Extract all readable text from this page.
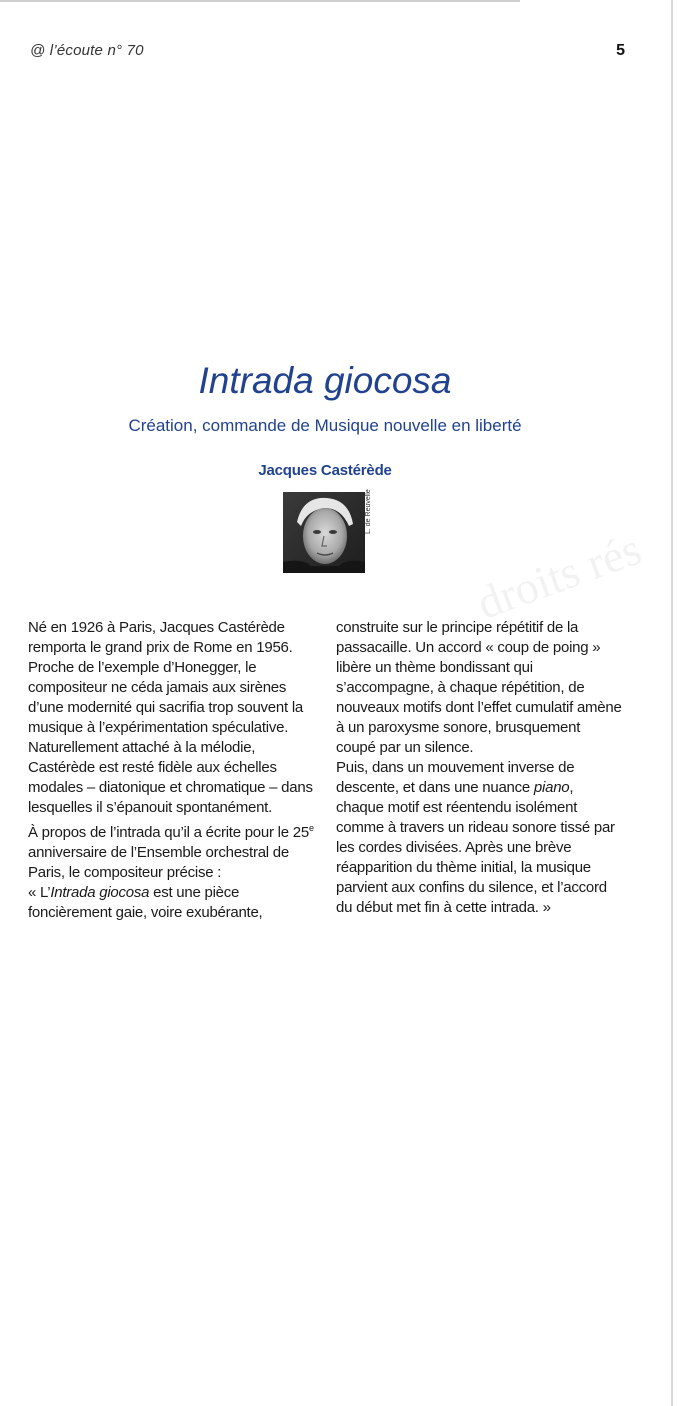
droits rés
@ l’écoute n° 70	5
Intrada giocosa
Création, commande de Musique nouvelle en liberté
Jacques Castérède
L. de Reuvelle

Né en 1926 à Paris, Jacques Castérède remporta le grand prix de Rome en 1956. Proche de l’exemple d’Honegger, le compositeur ne céda jamais aux sirènes d’une modernité qui sacrifia trop souvent la musique à l’expérimentation spéculative. Naturellement attaché à la mélodie, Castérède est resté fidèle aux échelles modales – diatonique et chromatique – dans lesquelles il s’épanouit spontanément.

À propos de l’intrada qu’il a écrite pour le 25e anniversaire de l’Ensemble orchestral de Paris, le compositeur précise :

« L’Intrada giocosa est une pièce foncièrement gaie, voire exubérante,

construite sur le principe répétitif de la passacaille. Un accord « coup de poing » libère un thème bondissant qui s’accompagne, à chaque répétition, de nouveaux motifs dont l’effet cumulatif amène à un paroxysme sonore, brusquement coupé par un silence.

Puis, dans un mouvement inverse de descente, et dans une nuance piano, chaque motif est réentendu isolément comme à travers un rideau sonore tissé par les cordes divisées. Après une brève réapparition du thème initial, la musique parvient aux confins du silence, et l’accord du début met fin à cette intrada. »
